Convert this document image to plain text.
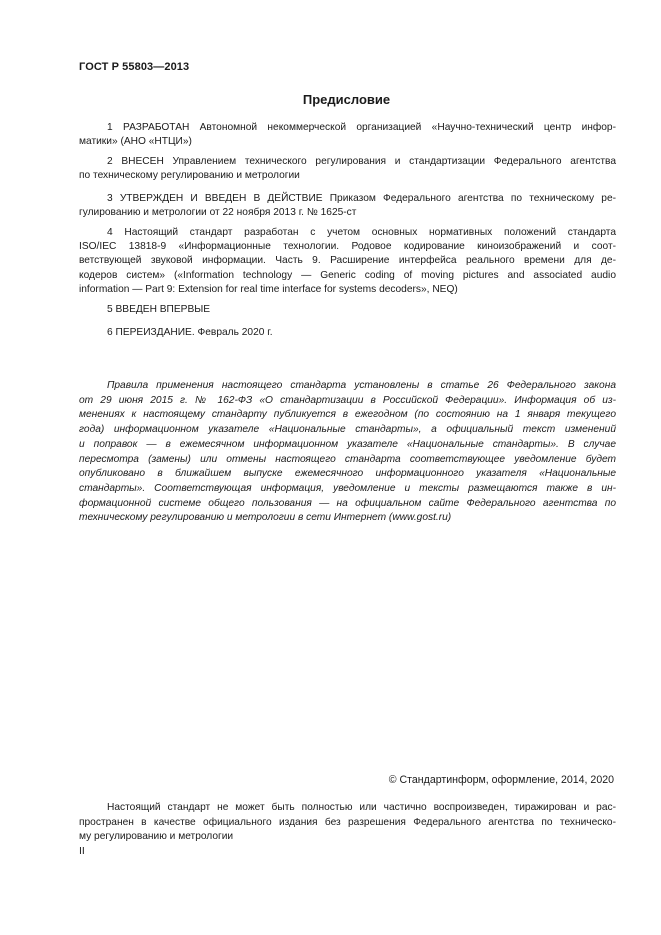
ГОСТ Р 55803—2013
Предисловие

1 РАЗРАБОТАН Автономной некоммерческой организацией «Научно-технический центр инфор-
матики» (АНО «НТЦИ»)

2 ВНЕСЕН Управлением технического регулирования и стандартизации Федерального агентства
по техническому регулированию и метрологии

3 УТВЕРЖДЕН И ВВЕДЕН В ДЕЙСТВИЕ Приказом Федерального агентства по техническому ре-
гулированию и метрологии от 22 ноября 2013 г. № 1625-ст

4 Настоящий стандарт разработан с учетом основных нормативных положений стандарта
ISO/IEC 13818-9 «Информационные технологии. Родовое кодирование киноизображений и соот-
ветствующей звуковой информации. Часть 9. Расширение интерфейса реального времени для де-
кодеров систем» («Information technology — Generic coding of moving pictures and associated audio
information — Part 9: Extension for real time interface for systems decoders», NEQ)

5 ВВЕДЕН ВПЕРВЫЕ

6 ПЕРЕИЗДАНИЕ. Февраль 2020 г.

Правила применения настоящего стандарта установлены в статье 26 Федерального закона
от 29 июня 2015 г. № 162-ФЗ «О стандартизации в Российской Федерации». Информация об из-
менениях к настоящему стандарту публикуется в ежегодном (по состоянию на 1 января текущего
года) информационном указателе «Национальные стандарты», а официальный текст изменений
и поправок — в ежемесячном информационном указателе «Национальные стандарты». В случае
пересмотра (замены) или отмены настоящего стандарта соответствующее уведомление будет
опубликовано в ближайшем выпуске ежемесячного информационного указателя «Национальные
стандарты». Соответствующая информация, уведомление и тексты размещаются также в ин-
формационной системе общего пользования — на официальном сайте Федерального агентства по
техническому регулированию и метрологии в сети Интернет (www.gost.ru)

© Стандартинформ, оформление, 2014, 2020

Настоящий стандарт не может быть полностью или частично воспроизведен, тиражирован и рас-
пространен в качестве официального издания без разрешения Федерального агентства по техническо-
му регулированию и метрологии

II
